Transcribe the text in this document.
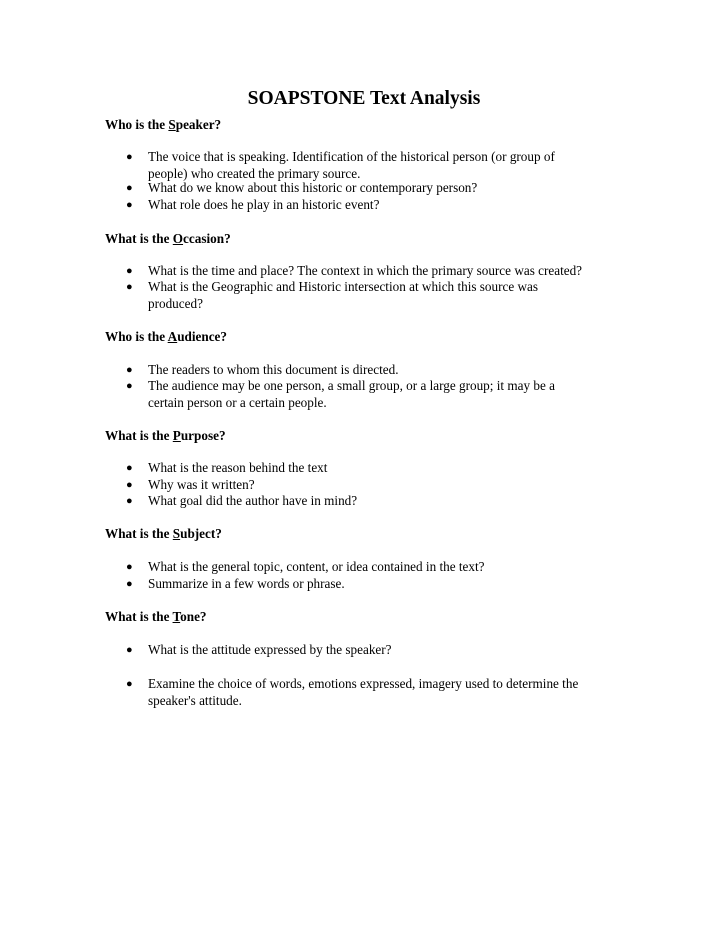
SOAPSTONE Text Analysis
Who is the Speaker?
● The voice that is speaking. Identification of the historical person (or group of
people) who created the primary source.
● What do we know about this historic or contemporary person?
● What role does he play in an historic event?
What is the Occasion?
● What is the time and place? The context in which the primary source was created?
● What is the Geographic and Historic intersection at which this source was
produced?
Who is the Audience?
● The readers to whom this document is directed.
● The audience may be one person, a small group, or a large group; it may be a
certain person or a certain people.
What is the Purpose?
● What is the reason behind the text
● Why was it written?
● What goal did the author have in mind?
What is the Subject?
● What is the general topic, content, or idea contained in the text?
● Summarize in a few words or phrase.
What is the Tone?
● What is the attitude expressed by the speaker?
● Examine the choice of words, emotions expressed, imagery used to determine the
speaker's attitude.
